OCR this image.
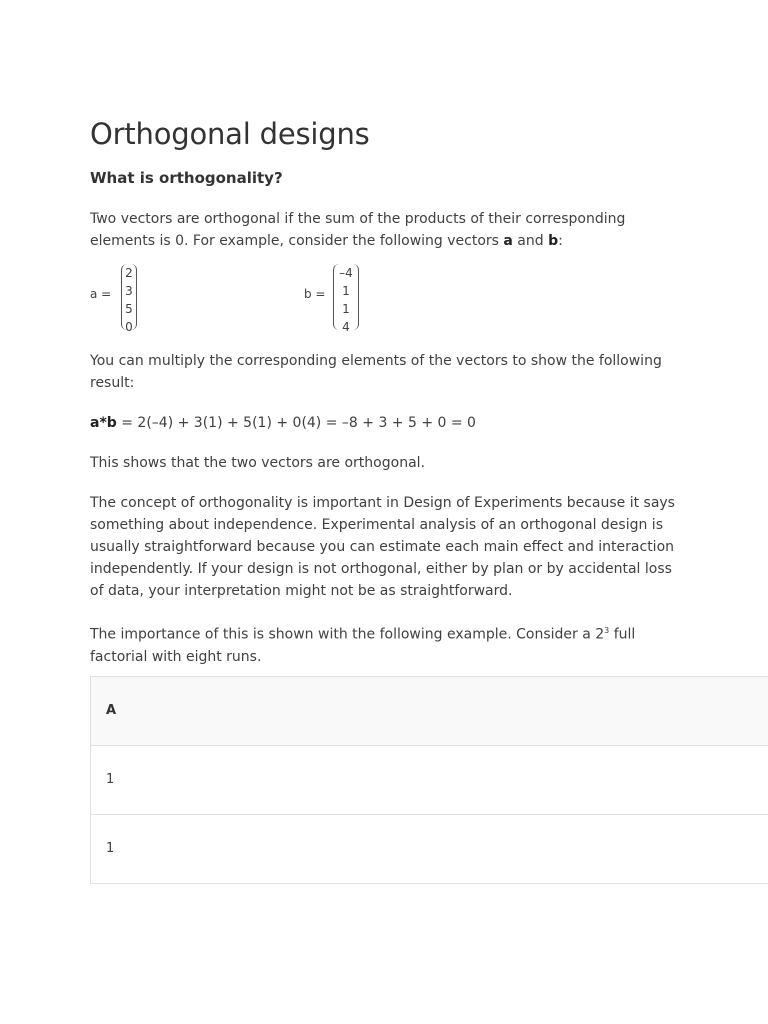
Orthogonal designs
What is orthogonality?

Two vectors are orthogonal if the sum of the products of their corresponding elements is 0. For example, consider the following vectors a and b:

a =
2
3
5
0
b =
–4
1
1
4

You can multiply the corresponding elements of the vectors to show the following result:

a*b = 2(–4) + 3(1) + 5(1) + 0(4) = –8 + 3 + 5 + 0 = 0

This shows that the two vectors are orthogonal.

The concept of orthogonality is important in Design of Experiments because it says something about independence. Experimental analysis of an orthogonal design is usually straightforward because you can estimate each main effect and interaction independently. If your design is not orthogonal, either by plan or by accidental loss of data, your interpretation might not be as straightforward.

The importance of this is shown with the following example. Consider a $2^3$ full factorial with eight runs.

A
1
1
